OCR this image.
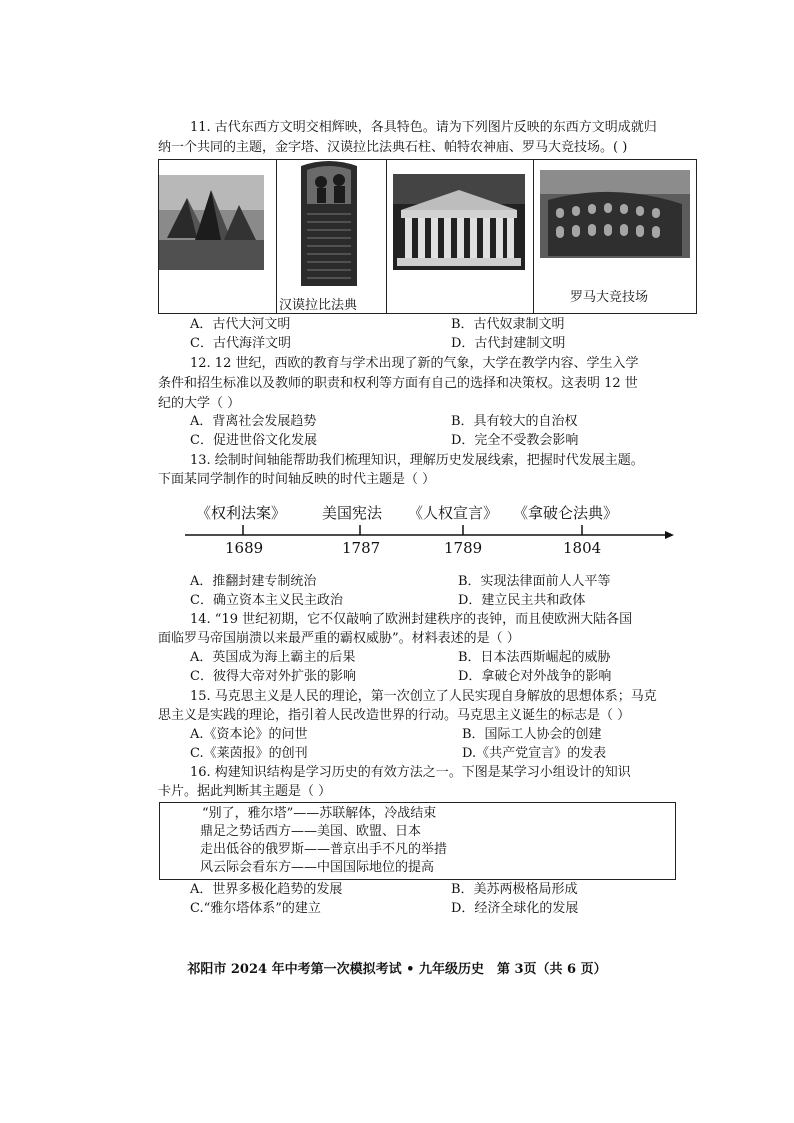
11. 古代东西方文明交相辉映，各具特色。请为下列图片反映的东西方文明成就归
纳一个共同的主题，金字塔、汉谟拉比法典石柱、帕特农神庙、罗马大竞技场。( )
汉谟拉比法典
罗马大竞技场
A．古代大河文明	B．古代奴隶制文明
C．古代海洋文明	D．古代封建制文明
12. 12 世纪，西欧的教育与学术出现了新的气象，大学在教学内容、学生入学
条件和招生标准以及教师的职责和权利等方面有自己的选择和决策权。这表明 12 世
纪的大学（ ）
A．背离社会发展趋势	B．具有较大的自治权
C．促进世俗文化发展	D．完全不受教会影响
13. 绘制时间轴能帮助我们梳理知识，理解历史发展线索，把握时代发展主题。
下面某同学制作的时间轴反映的时代主题是（ ）
《权利法案》 美国宪法 《人权宣言》 《拿破仑法典》
1689	1787	1789	1804
A．推翻封建专制统治	B．实现法律面前人人平等
C．确立资本主义民主政治	D．建立民主共和政体
14. “19 世纪初期，它不仅敲响了欧洲封建秩序的丧钟，而且使欧洲大陆各国
面临罗马帝国崩溃以来最严重的霸权威胁”。材料表述的是（ ）
A．英国成为海上霸主的后果	B．日本法西斯崛起的威胁
C．彼得大帝对外扩张的影响	D．拿破仑对外战争的影响
15. 马克思主义是人民的理论，第一次创立了人民实现自身解放的思想体系；马克
思主义是实践的理论，指引着人民改造世界的行动。马克思主义诞生的标志是（ ）
A.《资本论》的问世	B．国际工人协会的创建
C.《莱茵报》的创刊	D.《共产党宣言》的发表
16. 构建知识结构是学习历史的有效方法之一。下图是某学习小组设计的知识
卡片。据此判断其主题是（ ）
“别了，雅尔塔”——苏联解体，冷战结束
鼎足之势话西方——美国、欧盟、日本
走出低谷的俄罗斯——普京出手不凡的举措
风云际会看东方——中国国际地位的提高
A．世界多极化趋势的发展	B．美苏两极格局形成
C.“雅尔塔体系”的建立	D．经济全球化的发展
祁阳市 2024 年中考第一次模拟考试 • 九年级历史　第 3页（共 6 页）
